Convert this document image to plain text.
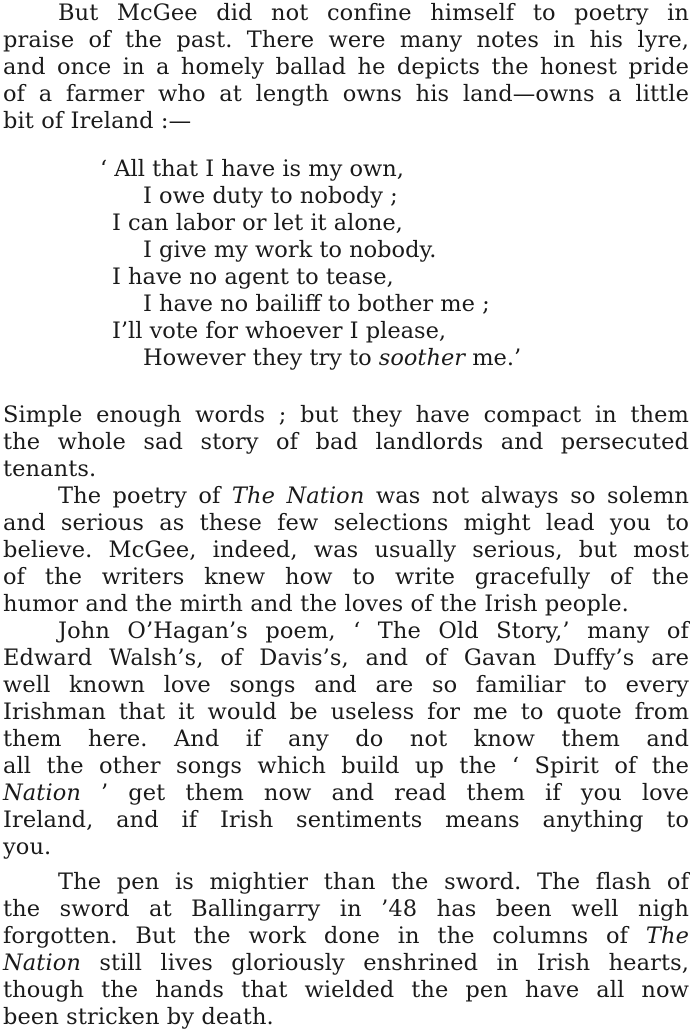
But McGee did not confine himself to poetry in
praise of the past. There were many notes in his lyre,
and once in a homely ballad he depicts the honest pride
of a farmer who at length owns his land—owns a little
bit of Ireland :—
‘ All that I have is my own,
I owe duty to nobody ;
I can labor or let it alone,
I give my work to nobody.
I have no agent to tease,
I have no bailiff to bother me ;
I’ll vote for whoever I please,
However they try to soother me.’
Simple enough words ; but they have compact in them
the whole sad story of bad landlords and persecuted
tenants.
The poetry of The Nation was not always so solemn
and serious as these few selections might lead you to
believe. McGee, indeed, was usually serious, but most
of the writers knew how to write gracefully of the
humor and the mirth and the loves of the Irish people.
John O’Hagan’s poem, ‘ The Old Story,’ many of
Edward Walsh’s, of Davis’s, and of Gavan Duffy’s are
well known love songs and are so familiar to every
Irishman that it would be useless for me to quote from
them here. And if any do not know them and
all the other songs which build up the ‘ Spirit of the
Nation ’ get them now and read them if you love
Ireland, and if Irish sentiments means anything to
you.
The pen is mightier than the sword. The flash of
the sword at Ballingarry in ’48 has been well nigh
forgotten. But the work done in the columns of The
Nation still lives gloriously enshrined in Irish hearts,
though the hands that wielded the pen have all now
been stricken by death.
